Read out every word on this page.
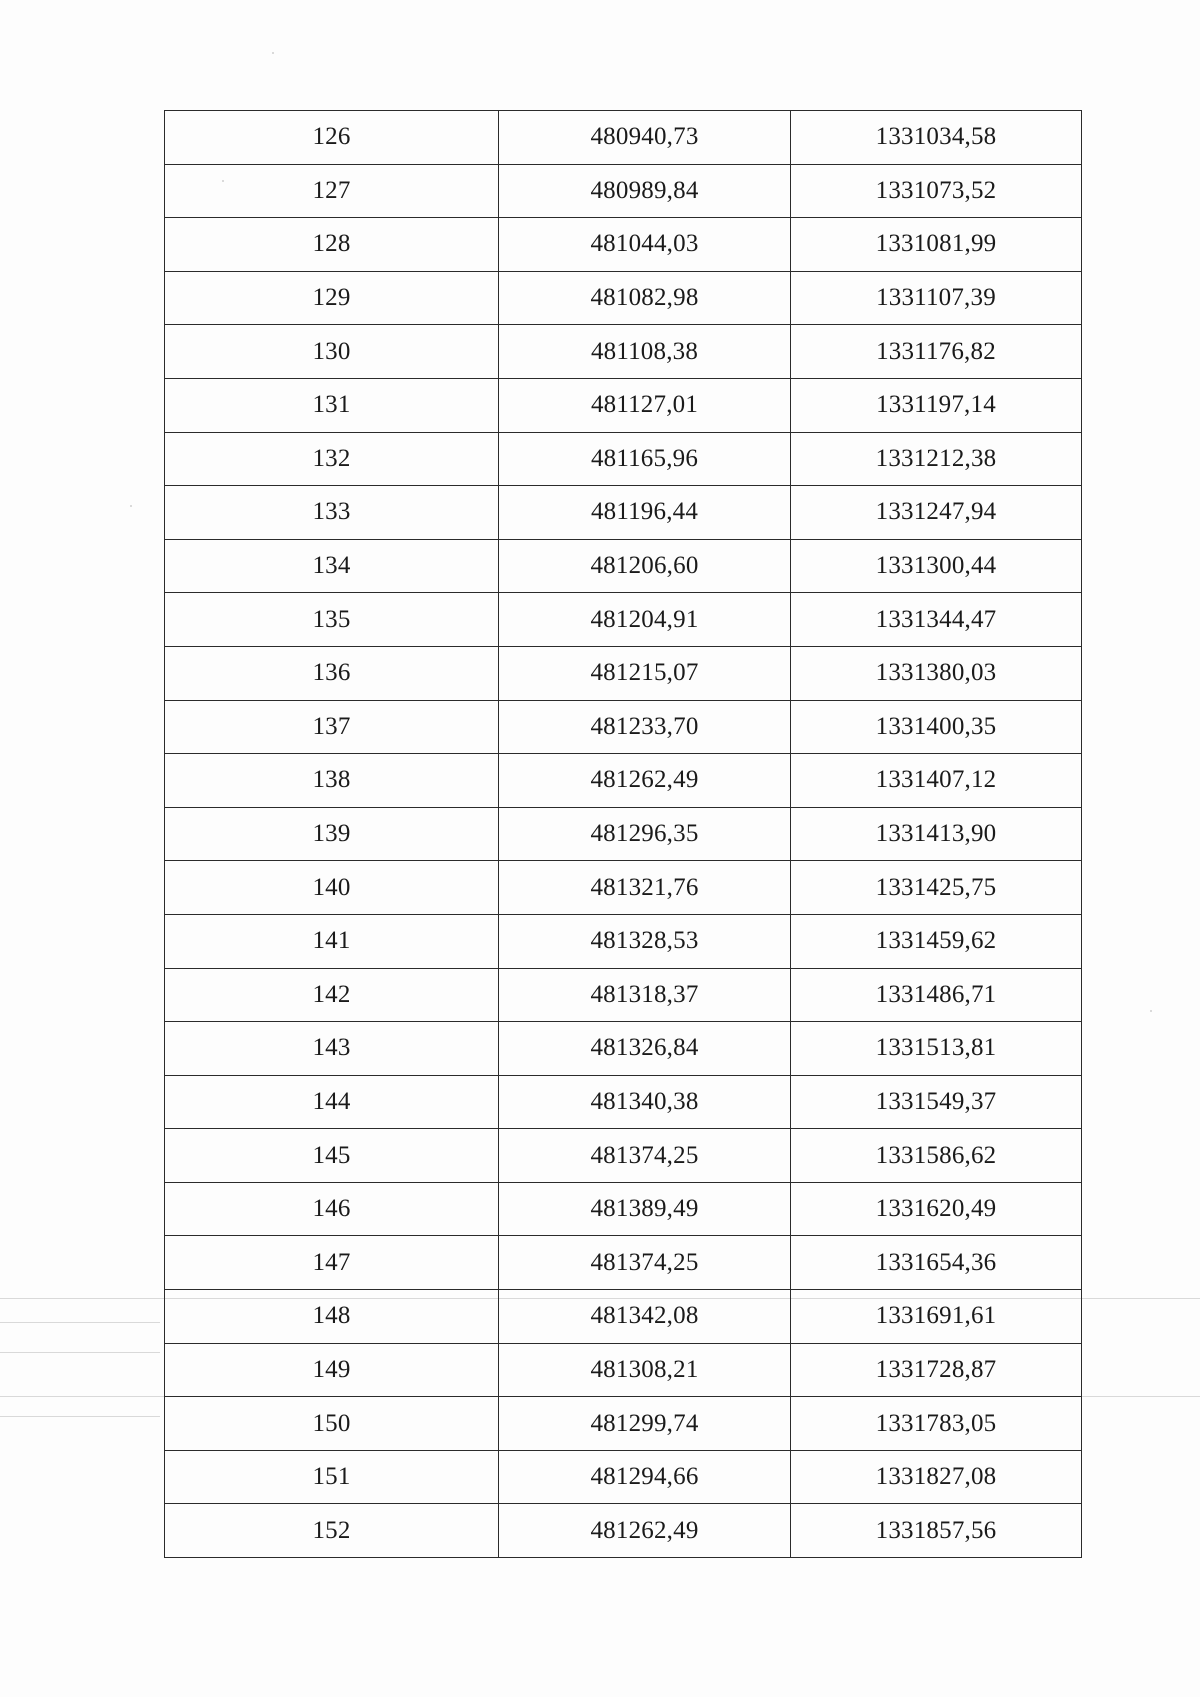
126	480940,73	1331034,58
127	480989,84	1331073,52
128	481044,03	1331081,99
129	481082,98	1331107,39
130	481108,38	1331176,82
131	481127,01	1331197,14
132	481165,96	1331212,38
133	481196,44	1331247,94
134	481206,60	1331300,44
135	481204,91	1331344,47
136	481215,07	1331380,03
137	481233,70	1331400,35
138	481262,49	1331407,12
139	481296,35	1331413,90
140	481321,76	1331425,75
141	481328,53	1331459,62
142	481318,37	1331486,71
143	481326,84	1331513,81
144	481340,38	1331549,37
145	481374,25	1331586,62
146	481389,49	1331620,49
147	481374,25	1331654,36
148	481342,08	1331691,61
149	481308,21	1331728,87
150	481299,74	1331783,05
151	481294,66	1331827,08
152	481262,49	1331857,56
